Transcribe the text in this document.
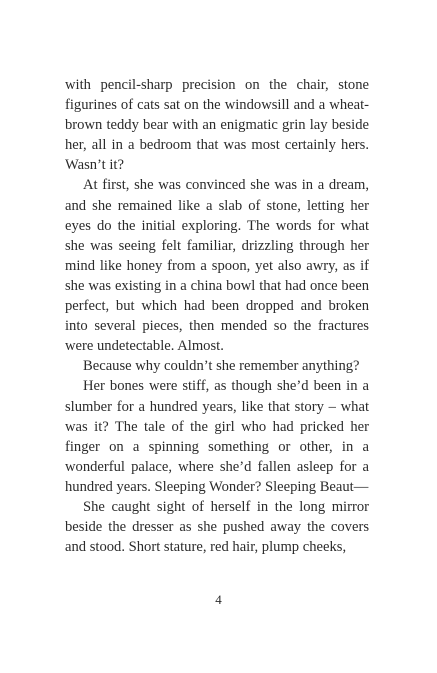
with pencil-sharp precision on the chair, stone figurines of cats sat on the windowsill and a wheat-brown teddy bear with an enigmatic grin lay beside her, all in a bedroom that was most certainly hers. Wasn’t it?

At first, she was convinced she was in a dream, and she remained like a slab of stone, letting her eyes do the initial exploring. The words for what she was seeing felt familiar, drizzling through her mind like honey from a spoon, yet also awry, as if she was existing in a china bowl that had once been perfect, but which had been dropped and broken into several pieces, then mended so the fractures were undetectable. Almost.

Because why couldn’t she remember anything?

Her bones were stiff, as though she’d been in a slumber for a hundred years, like that story – what was it? The tale of the girl who had pricked her finger on a spinning something or other, in a wonderful palace, where she’d fallen asleep for a hundred years. Sleeping Wonder? Sleeping Beaut—

She caught sight of herself in the long mirror beside the dresser as she pushed away the covers and stood. Short stature, red hair, plump cheeks,

4
